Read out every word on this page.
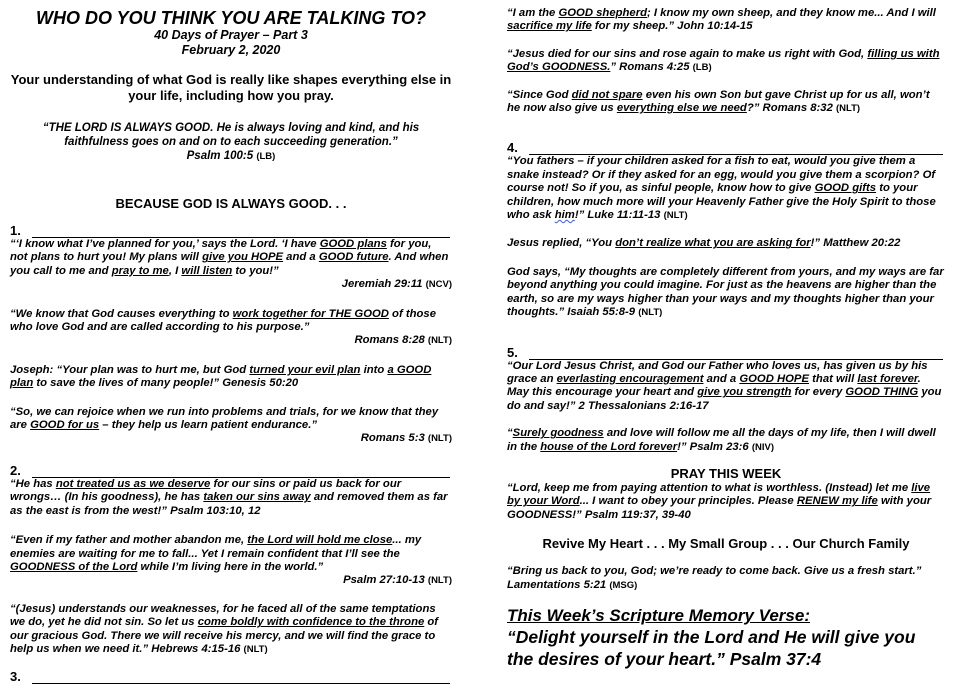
WHO DO YOU THINK YOU ARE TALKING TO?
40 Days of Prayer – Part 3
February 2, 2020
Your understanding of what God is really like shapes everything else in your life, including how you pray.
“THE LORD IS ALWAYS GOOD. He is always loving and kind, and his faithfulness goes on and on to each succeeding generation.”
Psalm 100:5 (LB)
BECAUSE GOD IS ALWAYS GOOD. . .
1.
“‘I know what I’ve planned for you,’ says the Lord. ‘I have GOOD plans for you, not plans to hurt you! My plans will give you HOPE and a GOOD future. And when you call to me and pray to me, I will listen to you!”
Jeremiah 29:11 (NCV)
“We know that God causes everything to work together for THE GOOD of those who love God and are called according to his purpose.”
Romans 8:28 (NLT)
Joseph: “Your plan was to hurt me, but God turned your evil plan into a GOOD plan to save the lives of many people!” Genesis 50:20
“So, we can rejoice when we run into problems and trials, for we know that they are GOOD for us – they help us learn patient endurance.”
Romans 5:3 (NLT)
2.
“He has not treated us as we deserve for our sins or paid us back for our wrongs… (In his goodness), he has taken our sins away and removed them as far as the east is from the west!” Psalm 103:10, 12
“Even if my father and mother abandon me, the Lord will hold me close... my enemies are waiting for me to fall... Yet I remain confident that I’ll see the GOODNESS of the Lord while I’m living here in the world.”
Psalm 27:10-13 (NLT)
“(Jesus) understands our weaknesses, for he faced all of the same temptations we do, yet he did not sin. So let us come boldly with confidence to the throne of our gracious God. There we will receive his mercy, and we will find the grace to help us when we need it.” Hebrews 4:15-16 (NLT)
3.
“I am the GOOD shepherd; I know my own sheep, and they know me... And I will sacrifice my life for my sheep.” John 10:14-15
“Jesus died for our sins and rose again to make us right with God, filling us with God’s GOODNESS.” Romans 4:25 (LB)
“Since God did not spare even his own Son but gave Christ up for us all, won’t he now also give us everything else we need?” Romans 8:32 (NLT)
4.
“You fathers – if your children asked for a fish to eat, would you give them a snake instead? Or if they asked for an egg, would you give them a scorpion? Of course not! So if you, as sinful people, know how to give GOOD gifts to your children, how much more will your Heavenly Father give the Holy Spirit to those who ask him!” Luke 11:11-13 (NLT)
Jesus replied, “You don’t realize what you are asking for!” Matthew 20:22
God says, “My thoughts are completely different from yours, and my ways are far beyond anything you could imagine. For just as the heavens are higher than the earth, so are my ways higher than your ways and my thoughts higher than your thoughts.” Isaiah 55:8-9 (NLT)
5.
“Our Lord Jesus Christ, and God our Father who loves us, has given us by his grace an everlasting encouragement and a GOOD HOPE that will last forever. May this encourage your heart and give you strength for every GOOD THING you do and say!” 2 Thessalonians 2:16-17
“Surely goodness and love will follow me all the days of my life, then I will dwell in the house of the Lord forever!” Psalm 23:6 (NIV)
PRAY THIS WEEK
“Lord, keep me from paying attention to what is worthless. (Instead) let me live by your Word... I want to obey your principles. Please RENEW my life with your GOODNESS!” Psalm 119:37, 39-40
Revive My Heart . . . My Small Group . . . Our Church Family
“Bring us back to you, God; we’re ready to come back. Give us a fresh start.” Lamentations 5:21 (MSG)
This Week’s Scripture Memory Verse:
“Delight yourself in the Lord and He will give you the desires of your heart.” Psalm 37:4
